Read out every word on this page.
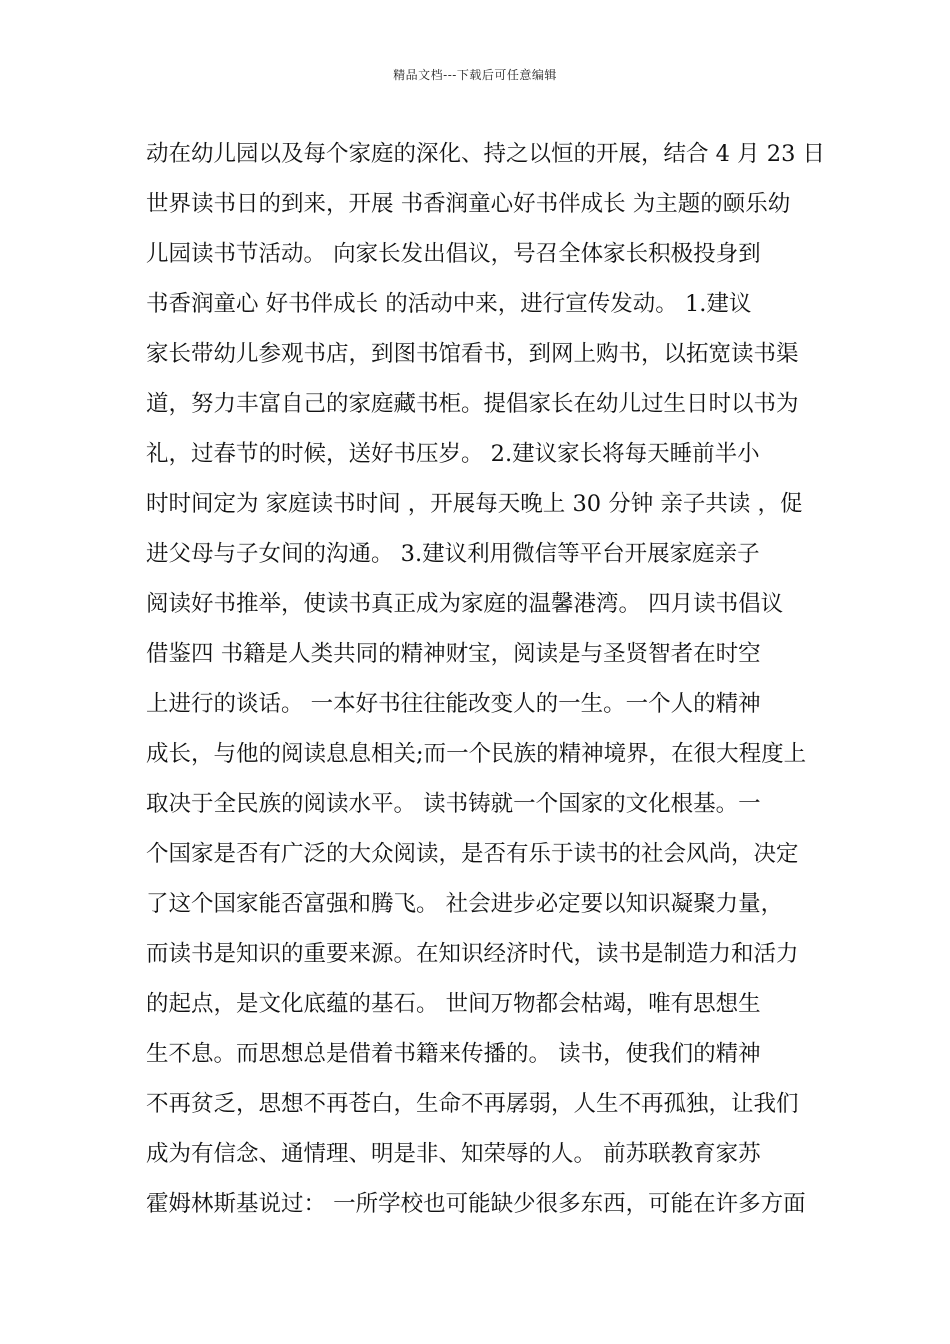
精品文档---下载后可任意编辑
动在幼儿园以及每个家庭的深化、持之以恒的开展，结合 4 月 23 日
世界读书日的到来，开展 书香润童心好书伴成长 为主题的颐乐幼
儿园读书节活动。 向家长发出倡议，号召全体家长积极投身到
书香润童心 好书伴成长 的活动中来，进行宣传发动。 1.建议
家长带幼儿参观书店，到图书馆看书，到网上购书，以拓宽读书渠
道，努力丰富自己的家庭藏书柜。提倡家长在幼儿过生日时以书为
礼，过春节的时候，送好书压岁。 2.建议家长将每天睡前半小
时时间定为 家庭读书时间 ，开展每天晚上 30 分钟 亲子共读 ，促
进父母与子女间的沟通。 3.建议利用微信等平台开展家庭亲子
阅读好书推举，使读书真正成为家庭的温馨港湾。 四月读书倡议
借鉴四 书籍是人类共同的精神财宝，阅读是与圣贤智者在时空
上进行的谈话。 一本好书往往能改变人的一生。一个人的精神
成长，与他的阅读息息相关;而一个民族的精神境界，在很大程度上
取决于全民族的阅读水平。 读书铸就一个国家的文化根基。一
个国家是否有广泛的大众阅读，是否有乐于读书的社会风尚，决定
了这个国家能否富强和腾飞。 社会进步必定要以知识凝聚力量，
而读书是知识的重要来源。在知识经济时代，读书是制造力和活力
的起点，是文化底蕴的基石。 世间万物都会枯竭，唯有思想生
生不息。而思想总是借着书籍来传播的。 读书，使我们的精神
不再贫乏，思想不再苍白，生命不再孱弱，人生不再孤独，让我们
成为有信念、通情理、明是非、知荣辱的人。 前苏联教育家苏
霍姆林斯基说过： 一所学校也可能缺少很多东西，可能在许多方面
